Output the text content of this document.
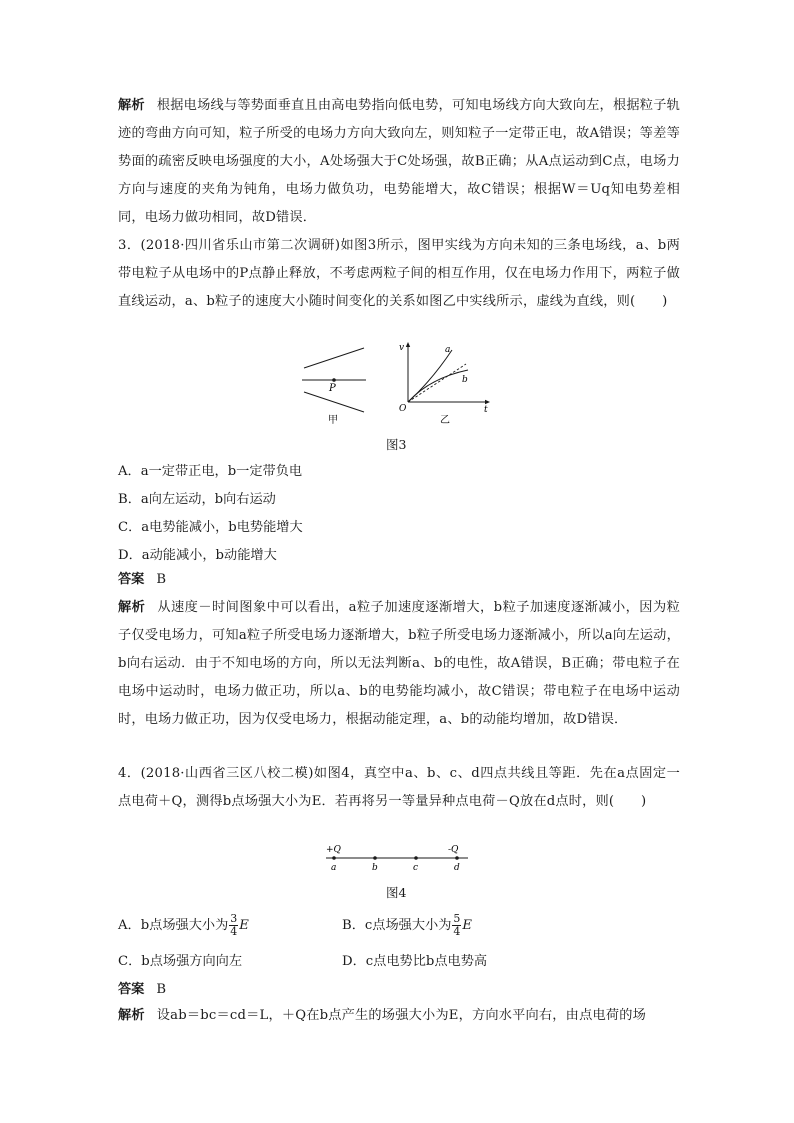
解析 根据电场线与等势面垂直且由高电势指向低电势，可知电场线方向大致向左，根据粒子轨迹的弯曲方向可知，粒子所受的电场力方向大致向左，则知粒子一定带正电，故A错误；等差等势面的疏密反映电场强度的大小，A处场强大于C处场强，故B正确；从A点运动到C点，电场力方向与速度的夹角为钝角，电场力做负功，电势能增大，故C错误；根据W＝Uq知电势差相同，电场力做功相同，故D错误．
3．(2018·四川省乐山市第二次调研)如图3所示，图甲实线为方向未知的三条电场线，a、b两带电粒子从电场中的P点静止释放，不考虑两粒子间的相互作用，仅在电场力作用下，两粒子做直线运动，a、b粒子的速度大小随时间变化的关系如图乙中实线所示，虚线为直线，则(　　)
P
甲
v
t
O
a
b
乙
图3
A．a一定带正电，b一定带负电
B．a向左运动，b向右运动
C．a电势能减小，b电势能增大
D．a动能减小，b动能增大
答案 B
解析 从速度－时间图象中可以看出，a粒子加速度逐渐增大，b粒子加速度逐渐减小，因为粒子仅受电场力，可知a粒子所受电场力逐渐增大，b粒子所受电场力逐渐减小，所以a向左运动，b向右运动．由于不知电场的方向，所以无法判断a、b的电性，故A错误，B正确；带电粒子在电场中运动时，电场力做正功，所以a、b的电势能均减小，故C错误；带电粒子在电场中运动时，电场力做正功，因为仅受电场力，根据动能定理，a、b的动能均增加，故D错误．
4．(2018·山西省三区八校二模)如图4，真空中a、b、c、d四点共线且等距．先在a点固定一点电荷＋Q，测得b点场强大小为E．若再将另一等量异种点电荷－Q放在d点时，则(　　)
+Q	-Q
a	b	c	d
图4
A．b点场强大小为 $\frac{3}{4}$ E	B．c点场强大小为 $\frac{5}{4}$ E
C．b点场强方向向左	D．c点电势比b点电势高
答案 B
解析 设ab＝bc＝cd＝L，＋Q在b点产生的场强大小为E，方向水平向右，由点电荷的场
